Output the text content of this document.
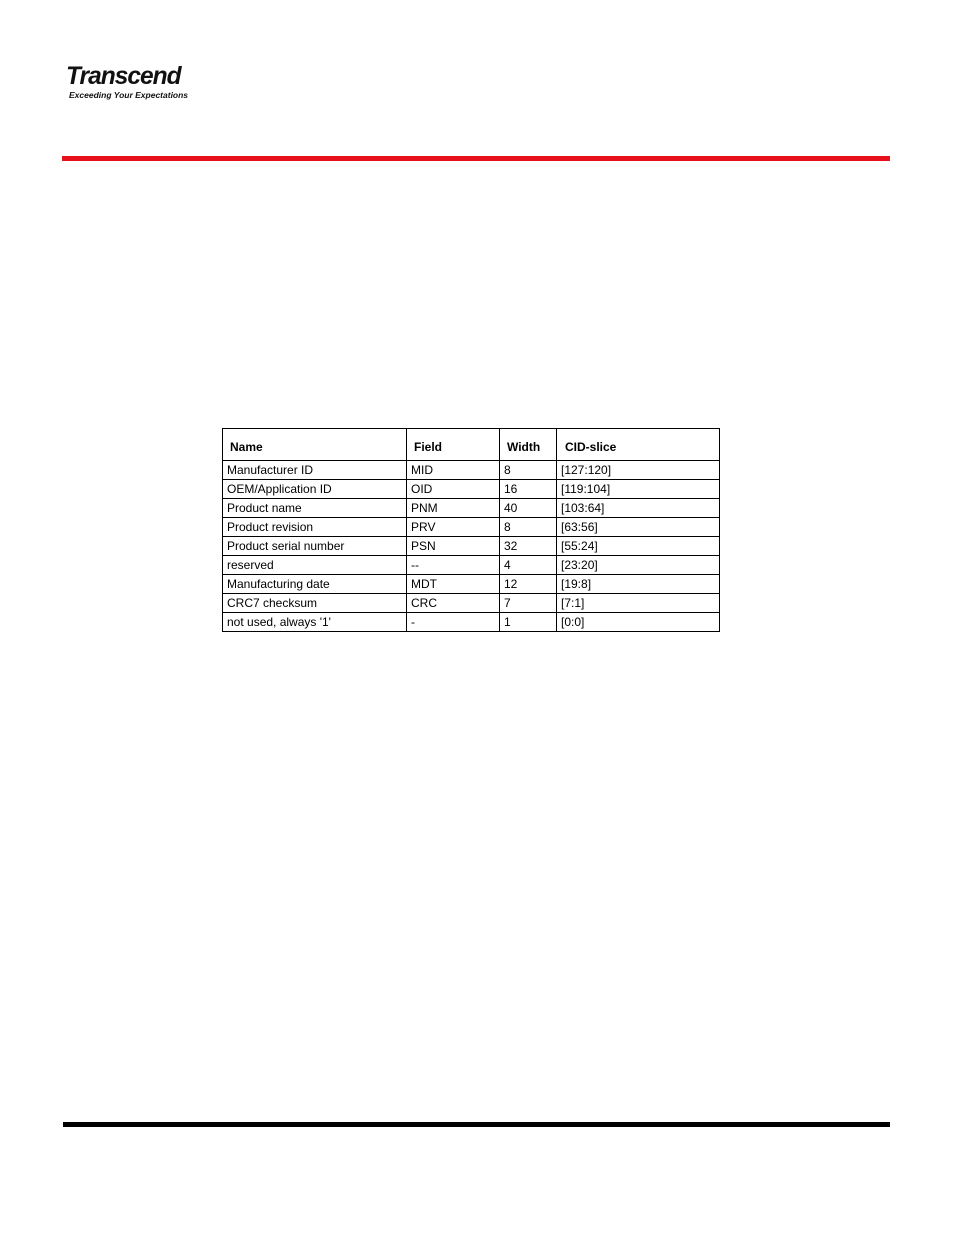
Transcend
Exceeding Your Expectations
Name	Field	Width	CID-slice
Manufacturer ID	MID	8	[127:120]
OEM/Application ID	OID	16	[119:104]
Product name	PNM	40	[103:64]
Product revision	PRV	8	[63:56]
Product serial number	PSN	32	[55:24]
reserved	--	4	[23:20]
Manufacturing date	MDT	12	[19:8]
CRC7 checksum	CRC	7	[7:1]
not used, always '1'	-	1	[0:0]
